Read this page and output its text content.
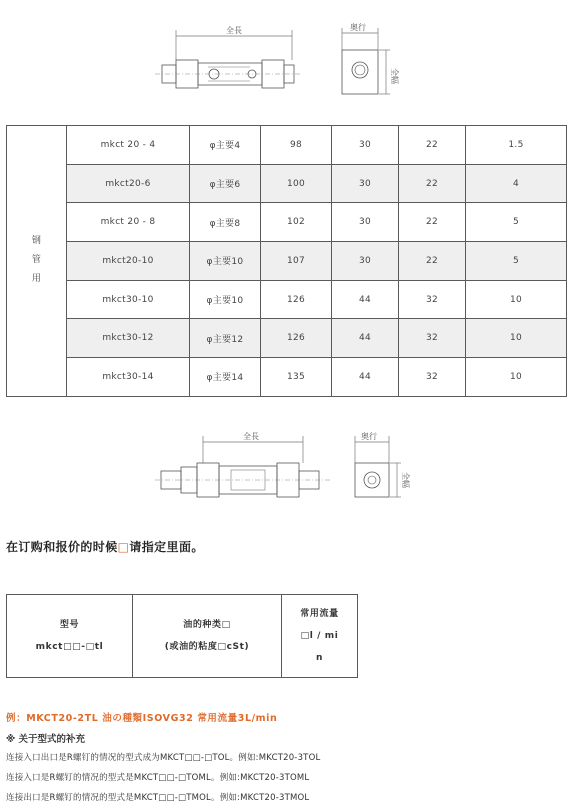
全長	奥行
全幅
钢
管
用	mkct 20 - 4	φ主要4	98	30	22	1.5
	mkct20-6	φ主要6	100	30	22	4
	mkct 20 - 8	φ主要8	102	30	22	5
	mkct20-10	φ主要10	107	30	22	5
	mkct30-10	φ主要10	126	44	32	10
	mkct30-12	φ主要12	126	44	32	10
	mkct30-14	φ主要14	135	44	32	10
全長	奥行
全幅
在订购和报价的时候□请指定里面。
型号
mkct□□-□tl

油的种类□
(或油的粘度□cSt)

常用流量
□l / mi
n
例：MKCT20-2TL 油の種類ISOVG32 常用流量3L/min
※ 关于型式的补充
连接入口出口是R螺钉的情况的型式成为MKCT□□-□TOL。例如:MKCT20-3TOL
连接入口是R螺钉的情况的型式是MKCT□□-□TOML。例如:MKCT20-3TOML
连接出口是R螺钉的情况的型式是MKCT□□-□TMOL。例如:MKCT20-3TMOL
